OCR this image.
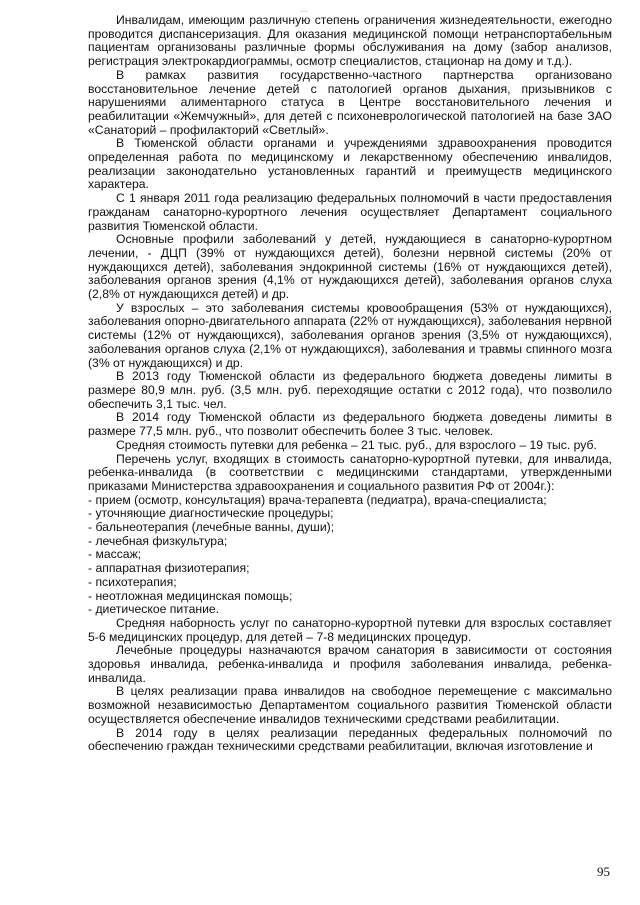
…

Инвалидам, имеющим различную степень ограничения жизнедеятельности, ежегодно проводится диспансеризация. Для оказания медицинской помощи нетранспортабельным пациентам организованы различные формы обслуживания на дому (забор анализов, регистрация электрокардиограммы, осмотр специалистов, стационар на дому и т.д.).

В рамках развития государственно-частного партнерства организовано восстановительное лечение детей с патологией органов дыхания, призывников с нарушениями алиментарного статуса в Центре восстановительного лечения и реабилитации «Жемчужный», для детей с психоневрологической патологией на базе ЗАО «Санаторий – профилакторий «Светлый».

В Тюменской области органами и учреждениями здравоохранения проводится определенная работа по медицинскому и лекарственному обеспечению инвалидов, реализации законодательно установленных гарантий и преимуществ медицинского характера.

С 1 января 2011 года реализацию федеральных полномочий в части предоставления гражданам санаторно-курортного лечения осуществляет Департамент социального развития Тюменской области.

Основные профили заболеваний у детей, нуждающиеся в санаторно-курортном лечении, - ДЦП (39% от нуждающихся детей), болезни нервной системы (20% от нуждающихся детей), заболевания эндокринной системы (16% от нуждающихся детей), заболевания органов зрения (4,1% от нуждающихся детей), заболевания органов слуха (2,8% от нуждающихся детей) и др.

У взрослых – это заболевания системы кровообращения (53% от нуждающихся), заболевания опорно-двигательного аппарата (22% от нуждающихся), заболевания нервной системы (12% от нуждающихся), заболевания органов зрения (3,5% от нуждающихся), заболевания органов слуха (2,1% от нуждающихся), заболевания и травмы спинного мозга (3% от нуждающихся) и др.

В 2013 году Тюменской области из федерального бюджета доведены лимиты в размере 80,9 млн. руб. (3,5 млн. руб. переходящие остатки с 2012 года), что позволило обеспечить 3,1 тыс. чел.

В 2014 году Тюменской области из федерального бюджета доведены лимиты в размере 77,5 млн. руб., что позволит обеспечить более 3 тыс. человек.

Средняя стоимость путевки для ребенка – 21 тыс. руб., для взрослого – 19 тыс. руб.

Перечень услуг, входящих в стоимость санаторно-курортной путевки, для инвалида, ребенка-инвалида (в соответствии с медицинскими стандартами, утвержденными приказами Министерства здравоохранения и социального развития РФ от 2004г.):

- прием (осмотр, консультация) врача-терапевта (педиатра), врача-специалиста;

- уточняющие диагностические процедуры;

- бальнеотерапия (лечебные ванны, души);

- лечебная физкультура;

- массаж;

- аппаратная физиотерапия;

- психотерапия;

- неотложная медицинская помощь;

- диетическое питание.

Средняя наборность услуг по санаторно-курортной путевки для взрослых составляет 5-6 медицинских процедур, для детей – 7-8 медицинских процедур.

Лечебные процедуры назначаются врачом санатория в зависимости от состояния здоровья инвалида, ребенка-инвалида и профиля заболевания инвалида, ребенка-инвалида.

В целях реализации права инвалидов на свободное перемещение с максимально возможной независимостью Департаментом социального развития Тюменской области осуществляется обеспечение инвалидов техническими средствами реабилитации.

В 2014 году в целях реализации переданных федеральных полномочий по обеспечению граждан техническими средствами реабилитации, включая изготовление и

95
